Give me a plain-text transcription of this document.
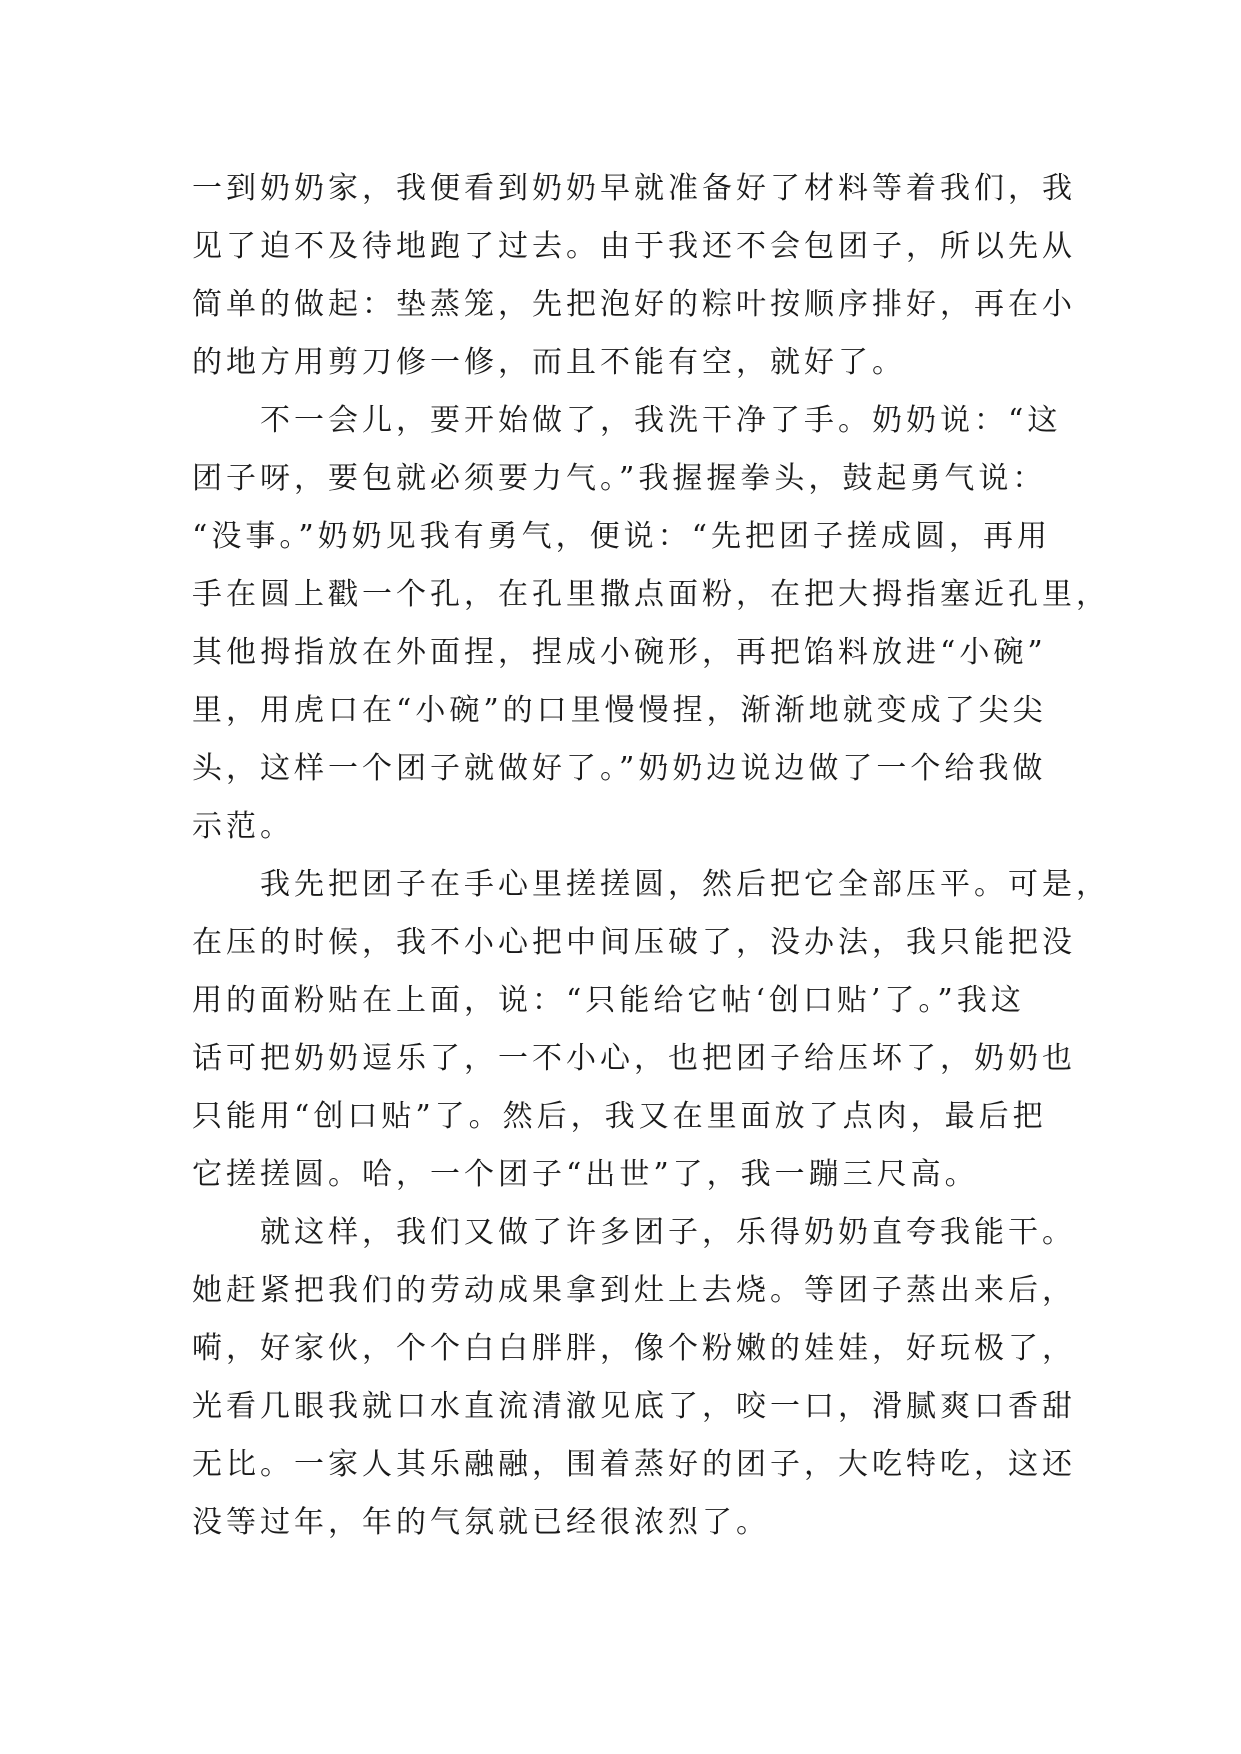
一到奶奶家，我便看到奶奶早就准备好了材料等着我们，我
见了迫不及待地跑了过去。由于我还不会包团子，所以先从
简单的做起：垫蒸笼，先把泡好的粽叶按顺序排好，再在小
的地方用剪刀修一修，而且不能有空，就好了。
不一会儿，要开始做了，我洗干净了手。奶奶说：“这
团子呀，要包就必须要力气。”我握握拳头，鼓起勇气说：
“没事。”奶奶见我有勇气，便说：“先把团子搓成圆，再用
手在圆上戳一个孔，在孔里撒点面粉，在把大拇指塞近孔里，
其他拇指放在外面捏，捏成小碗形，再把馅料放进“小碗”
里，用虎口在“小碗”的口里慢慢捏，渐渐地就变成了尖尖
头，这样一个团子就做好了。”奶奶边说边做了一个给我做
示范。
我先把团子在手心里搓搓圆，然后把它全部压平。可是，
在压的时候，我不小心把中间压破了，没办法，我只能把没
用的面粉贴在上面，说：“只能给它帖‘创口贴’了。”我这
话可把奶奶逗乐了，一不小心，也把团子给压坏了，奶奶也
只能用“创口贴”了。然后，我又在里面放了点肉，最后把
它搓搓圆。哈，一个团子“出世”了，我一蹦三尺高。
就这样，我们又做了许多团子，乐得奶奶直夸我能干。
她赶紧把我们的劳动成果拿到灶上去烧。等团子蒸出来后，
嗬，好家伙，个个白白胖胖，像个粉嫩的娃娃，好玩极了，
光看几眼我就口水直流清澈见底了，咬一口，滑腻爽口香甜
无比。一家人其乐融融，围着蒸好的团子，大吃特吃，这还
没等过年，年的气氛就已经很浓烈了。
